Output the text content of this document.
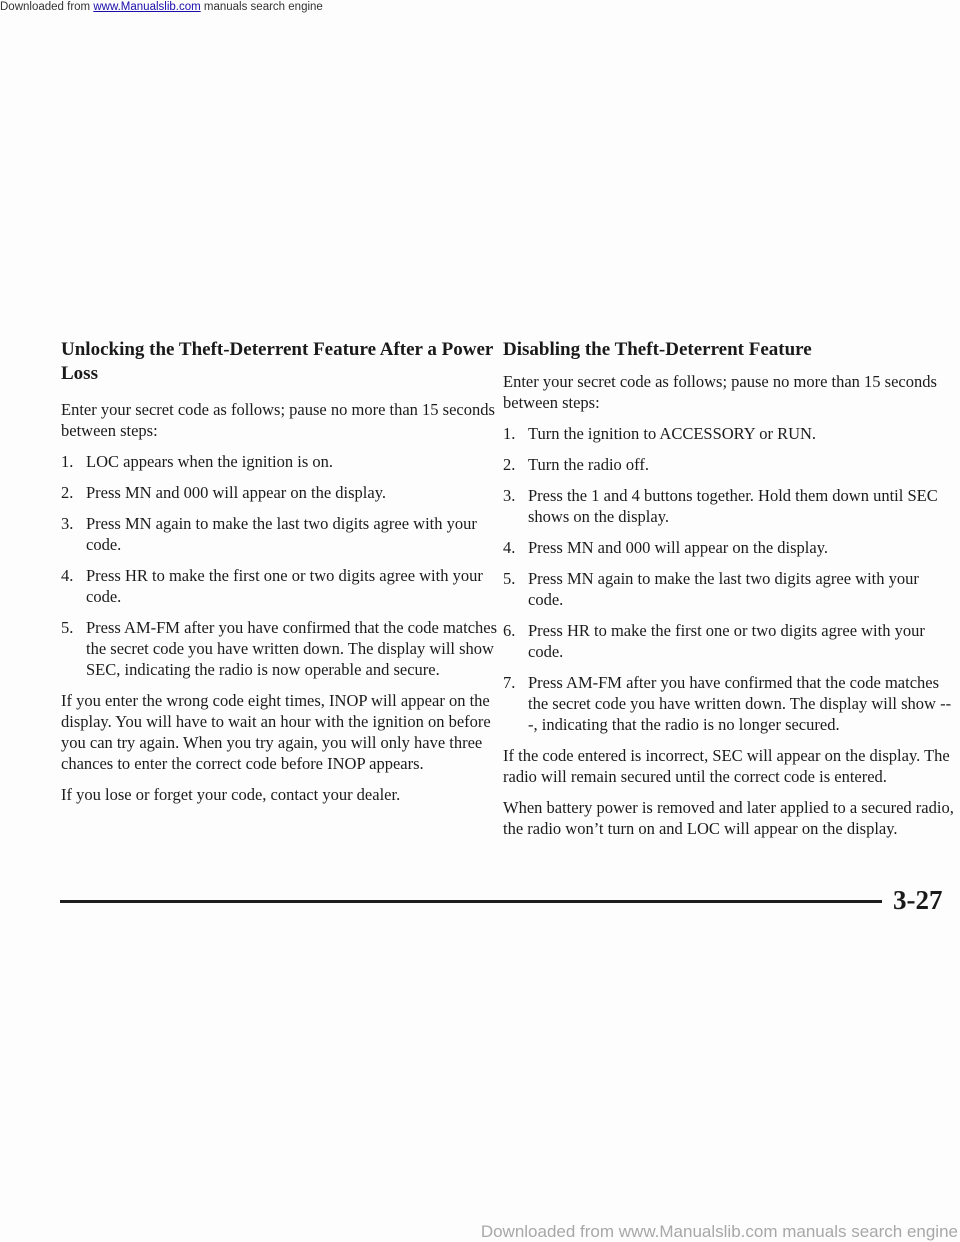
Downloaded from www.Manualslib.com manuals search engine
Unlocking the Theft-Deterrent Feature After a Power Loss

Enter your secret code as follows; pause no more than 15 seconds between steps:

1. LOC appears when the ignition is on.
2. Press MN and 000 will appear on the display.
3. Press MN again to make the last two digits agree with your code.
4. Press HR to make the first one or two digits agree with your code.
5. Press AM-FM after you have confirmed that the code matches the secret code you have written down. The display will show SEC, indicating the radio is now operable and secure.

If you enter the wrong code eight times, INOP will appear on the display. You will have to wait an hour with the ignition on before you can try again. When you try again, you will only have three chances to enter the correct code before INOP appears.

If you lose or forget your code, contact your dealer.

Disabling the Theft-Deterrent Feature

Enter your secret code as follows; pause no more than 15 seconds between steps:

1. Turn the ignition to ACCESSORY or RUN.
2. Turn the radio off.
3. Press the 1 and 4 buttons together. Hold them down until SEC shows on the display.
4. Press MN and 000 will appear on the display.
5. Press MN again to make the last two digits agree with your code.
6. Press HR to make the first one or two digits agree with your code.
7. Press AM-FM after you have confirmed that the code matches the secret code you have written down. The display will show ---, indicating that the radio is no longer secured.

If the code entered is incorrect, SEC will appear on the display. The radio will remain secured until the correct code is entered.

When battery power is removed and later applied to a secured radio, the radio won’t turn on and LOC will appear on the display.

3-27
Downloaded from www.Manualslib.com manuals search engine
